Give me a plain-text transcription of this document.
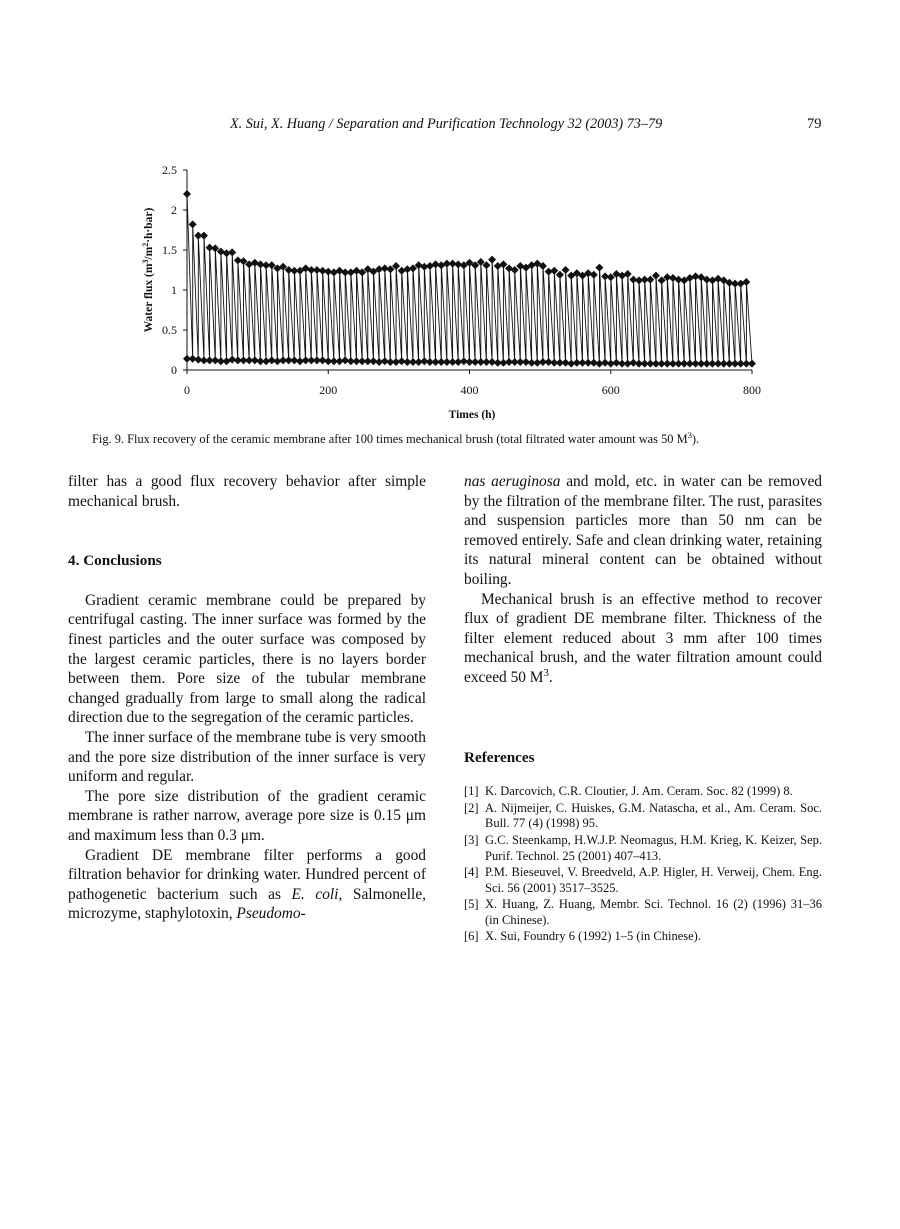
X. Sui, X. Huang / Separation and Purification Technology 32 (2003) 73–79	79
0
0.5
1
1.5
2
2.5
0	200	400	600	800
Times (h)
Water flux $(m^3/m^2\cdot h\cdot bar)$
Fig. 9. Flux recovery of the ceramic membrane after 100 times mechanical brush (total filtrated water amount was 50 $M^3$).

filter has a good flux recovery behavior after simple mechanical brush.

4. Conclusions

Gradient ceramic membrane could be prepared by centrifugal casting. The inner surface was formed by the finest particles and the outer surface was composed by the largest ceramic particles, there is no layers border between them. Pore size of the tubular membrane changed gradually from large to small along the radical direction due to the segregation of the ceramic particles.

The inner surface of the membrane tube is very smooth and the pore size distribution of the inner surface is very uniform and regular.

The pore size distribution of the gradient ceramic membrane is rather narrow, average pore size is 0.15 μm and maximum less than 0.3 μm.

Gradient DE membrane filter performs a good filtration behavior for drinking water. Hundred percent of pathogenetic bacterium such as E. coli, Salmonelle, microzyme, staphylotoxin, Pseudomo-

nas aeruginosa and mold, etc. in water can be removed by the filtration of the membrane filter. The rust, parasites and suspension particles more than 50 nm can be removed entirely. Safe and clean drinking water, retaining its natural mineral content can be obtained without boiling.

Mechanical brush is an effective method to recover flux of gradient DE membrane filter. Thickness of the filter element reduced about 3 mm after 100 times mechanical brush, and the water filtration amount could exceed 50 $M^3$.

References
[1] K. Darcovich, C.R. Cloutier, J. Am. Ceram. Soc. 82 (1999) 8.
[2] A. Nijmeijer, C. Huiskes, G.M. Natascha, et al., Am. Ceram. Soc. Bull. 77 (4) (1998) 95.
[3] G.C. Steenkamp, H.W.J.P. Neomagus, H.M. Krieg, K. Keizer, Sep. Purif. Technol. 25 (2001) 407–413.
[4] P.M. Bieseuvel, V. Breedveld, A.P. Higler, H. Verweij, Chem. Eng. Sci. 56 (2001) 3517–3525.
[5] X. Huang, Z. Huang, Membr. Sci. Technol. 16 (2) (1996) 31–36 (in Chinese).
[6] X. Sui, Foundry 6 (1992) 1–5 (in Chinese).
